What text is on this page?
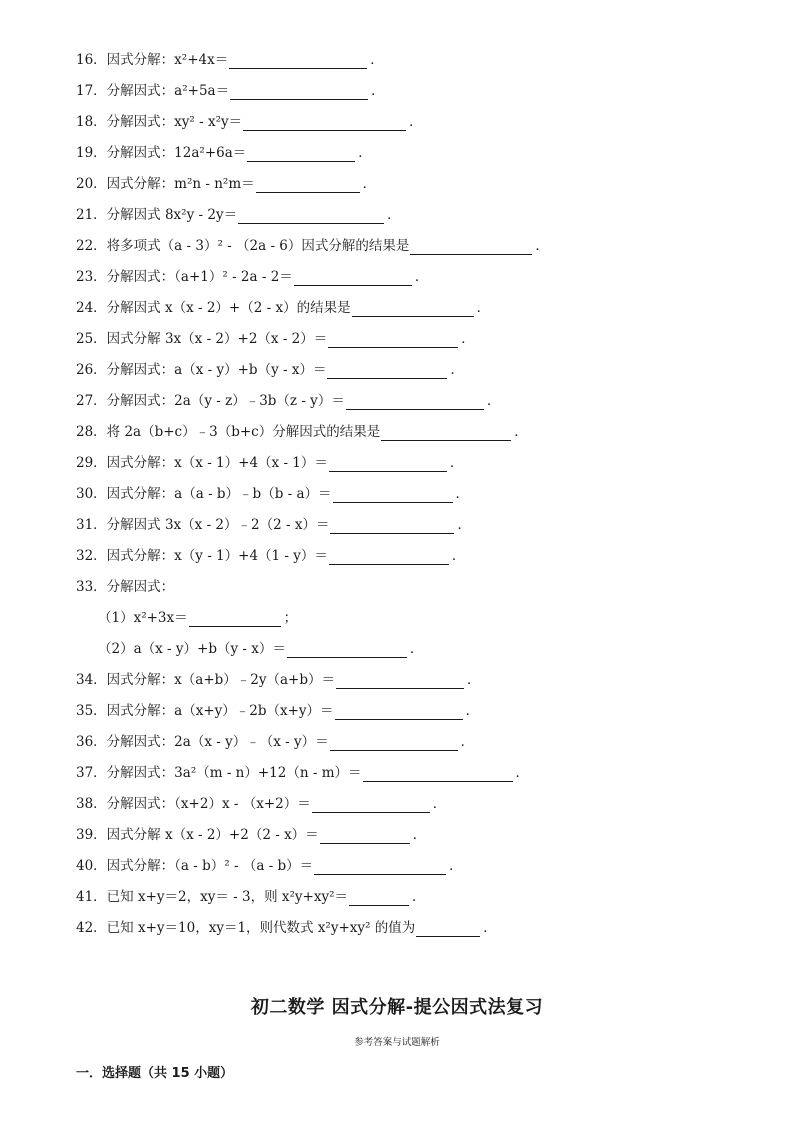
16．因式分解：x²+4x＝	．
17．分解因式：a²+5a＝	．
18．分解因式：xy² - x²y＝	．
19．分解因式：12a²+6a＝	．
20．因式分解：m²n - n²m＝	．
21．分解因式 8x²y - 2y＝	．
22．将多项式（a - 3）² - （2a - 6）因式分解的结果是	．
23．分解因式：（a+1）² - 2a - 2＝	．
24．分解因式 x（x - 2）+（2 - x）的结果是	．
25．因式分解 3x（x - 2）+2（x - 2）＝	．
26．分解因式：a（x - y）+b（y - x）＝	．
27．分解因式：2a（y - z）﹣3b（z - y）＝	．
28．将 2a（b+c）﹣3（b+c）分解因式的结果是	．
29．因式分解：x（x - 1）+4（x - 1）＝	．
30．因式分解：a（a - b）﹣b（b - a）＝	．
31．分解因式 3x（x - 2）﹣2（2 - x）＝	．
32．因式分解：x（y - 1）+4（1 - y）＝	．
33．分解因式：
（1）x²+3x＝	；
（2）a（x - y）+b（y - x）＝	．
34．因式分解：x（a+b）﹣2y（a+b）＝	．
35．因式分解：a（x+y）﹣2b（x+y）＝	．
36．分解因式：2a（x - y）﹣（x - y）＝	．
37．分解因式：3a²（m - n）+12（n - m）＝	．
38．分解因式：（x+2）x - （x+2）＝	．
39．因式分解 x（x - 2）+2（2 - x）＝	．
40．因式分解：（a - b）² - （a - b）＝	．
41．已知 x+y＝2，xy＝ - 3，则 x²y+xy²＝	．
42．已知 x+y＝10，xy＝1，则代数式 x²y+xy² 的值为	．
初二数学 因式分解-提公因式法复习
参考答案与试题解析
一．选择题（共 15 小题）
